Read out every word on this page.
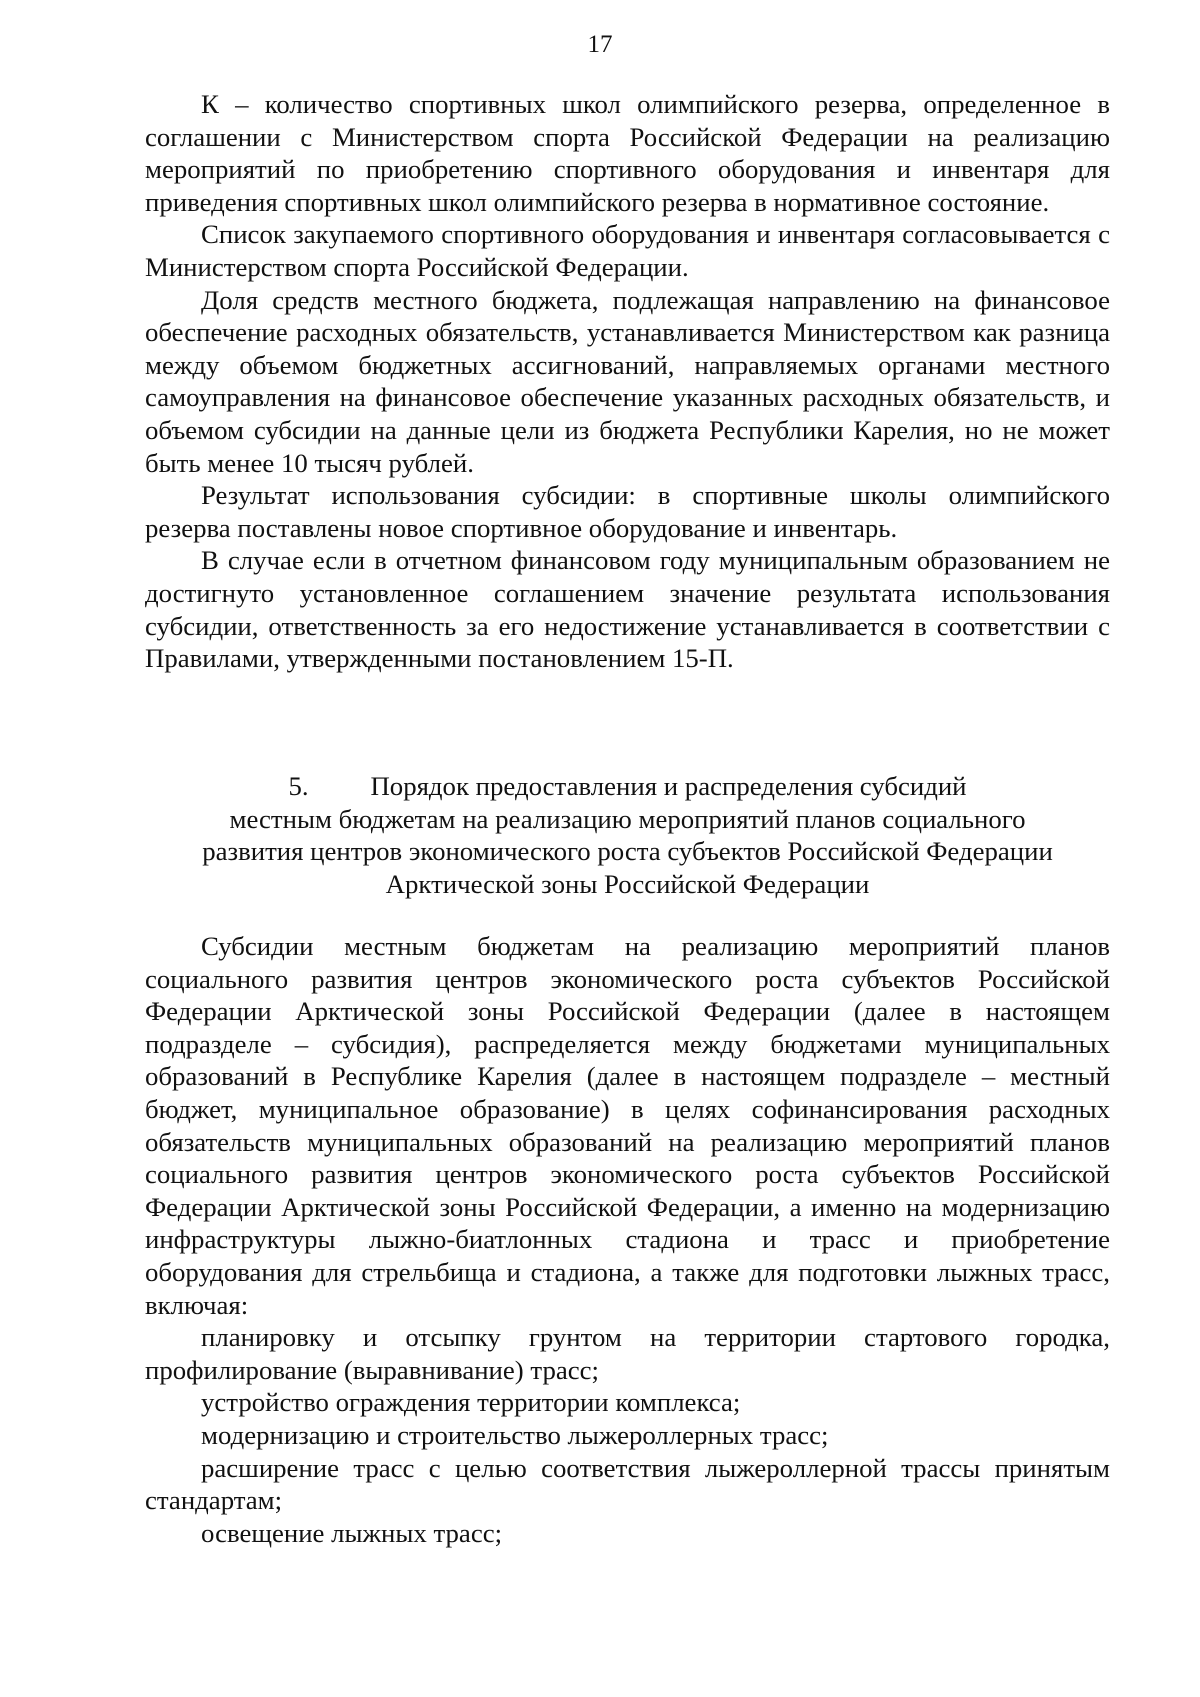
17

К – количество спортивных школ олимпийского резерва, определенное в соглашении с Министерством спорта Российской Федерации на реализацию мероприятий по приобретению спортивного оборудования и инвентаря для приведения спортивных школ олимпийского резерва в нормативное состояние.

Список закупаемого спортивного оборудования и инвентаря согласовывается с Министерством спорта Российской Федерации.

Доля средств местного бюджета, подлежащая направлению на финансовое обеспечение расходных обязательств, устанавливается Министерством как разница между объемом бюджетных ассигнований, направляемых органами местного самоуправления на финансовое обеспечение указанных расходных обязательств, и объемом субсидии на данные цели из бюджета Республики Карелия, но не может быть менее 10 тысяч рублей.

Результат использования субсидии: в спортивные школы олимпийского резерва поставлены новое спортивное оборудование и инвентарь.

В случае если в отчетном финансовом году муниципальным образованием не достигнуто установленное соглашением значение результата использования субсидии, ответственность за его недостижение устанавливается в соответствии с Правилами, утвержденными постановлением 15-П.

5. Порядок предоставления и распределения субсидий
местным бюджетам на реализацию мероприятий планов социального
развития центров экономического роста субъектов Российской Федерации
Арктической зоны Российской Федерации

Субсидии местным бюджетам на реализацию мероприятий планов социального развития центров экономического роста субъектов Российской Федерации Арктической зоны Российской Федерации (далее в настоящем подразделе – субсидия), распределяется между бюджетами муниципальных образований в Республике Карелия (далее в настоящем подразделе – местный бюджет, муниципальное образование) в целях софинансирования расходных обязательств муниципальных образований на реализацию мероприятий планов социального развития центров экономического роста субъектов Российской Федерации Арктической зоны Российской Федерации, а именно на модернизацию инфраструктуры лыжно-биатлонных стадиона и трасс и приобретение оборудования для стрельбища и стадиона, а также для подготовки лыжных трасс, включая:

планировку и отсыпку грунтом на территории стартового городка, профилирование (выравнивание) трасс;

устройство ограждения территории комплекса;

модернизацию и строительство лыжероллерных трасс;

расширение трасс с целью соответствия лыжероллерной трассы принятым стандартам;

освещение лыжных трасс;
